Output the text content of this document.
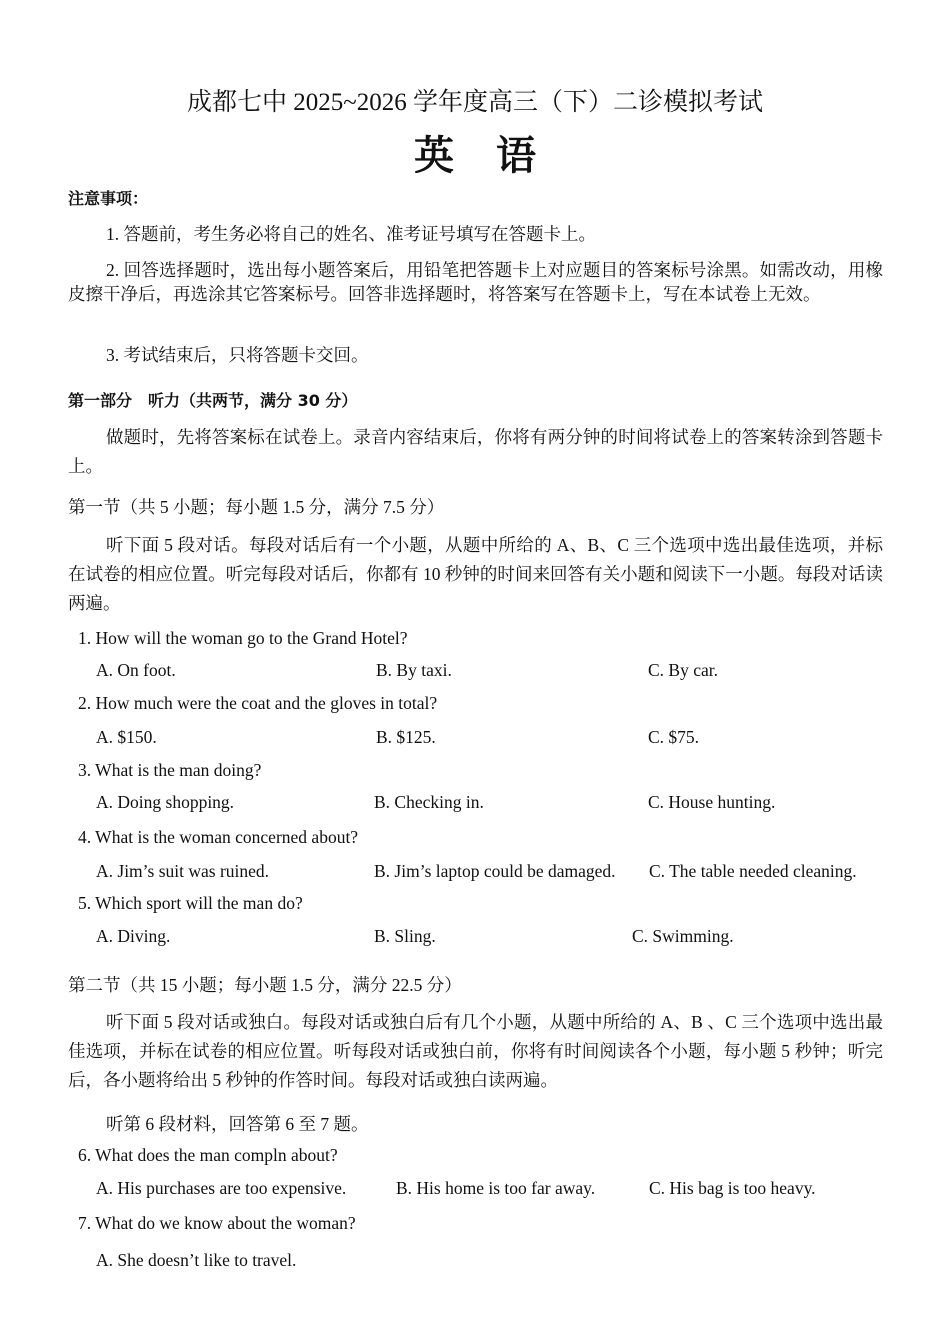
成都七中 2025~2026 学年度高三（下）二诊模拟考试
英语
注意事项：
1. 答题前，考生务必将自己的姓名、准考证号填写在答题卡上。
2. 回答选择题时，选出每小题答案后，用铅笔把答题卡上对应题目的答案标号涂黑。如需改动，用橡皮擦干净后，再选涂其它答案标号。回答非选择题时，将答案写在答题卡上，写在本试卷上无效。
3. 考试结束后，只将答题卡交回。
第一部分　听力（共两节，满分 30 分）
做题时，先将答案标在试卷上。录音内容结束后，你将有两分钟的时间将试卷上的答案转涂到答题卡上。
第一节（共 5 小题；每小题 1.5 分，满分 7.5 分）
听下面 5 段对话。每段对话后有一个小题，从题中所给的 A、B、C 三个选项中选出最佳选项，并标在试卷的相应位置。听完每段对话后，你都有 10 秒钟的时间来回答有关小题和阅读下一小题。每段对话读两遍。
1. How will the woman go to the Grand Hotel?
A. On foot.	B. By taxi.	C. By car.
2. How much were the coat and the gloves in total?
A. $150.	B. $125.	C. $75.
3. What is the man doing?
A. Doing shopping.	B. Checking in.	C. House hunting.
4. What is the woman concerned about?
A. Jim’s suit was ruined.	B. Jim’s laptop could be damaged. C. The table needed cleaning.
5. Which sport will the man do?
A. Diving.	B. Sling.	C. Swimming.
第二节（共 15 小题；每小题 1.5 分，满分 22.5 分）
听下面 5 段对话或独白。每段对话或独白后有几个小题，从题中所给的 A、B 、C 三个选项中选出最佳选项，并标在试卷的相应位置。听每段对话或独白前，你将有时间阅读各个小题，每小题 5 秒钟；听完后，各小题将给出 5 秒钟的作答时间。每段对话或独白读两遍。
听第 6 段材料，回答第 6 至 7 题。
6. What does the man compln about?
A. His purchases are too expensive.	B. His home is too far away.	C. His bag is too heavy.
7. What do we know about the woman?
A. She doesn’t like to travel.
